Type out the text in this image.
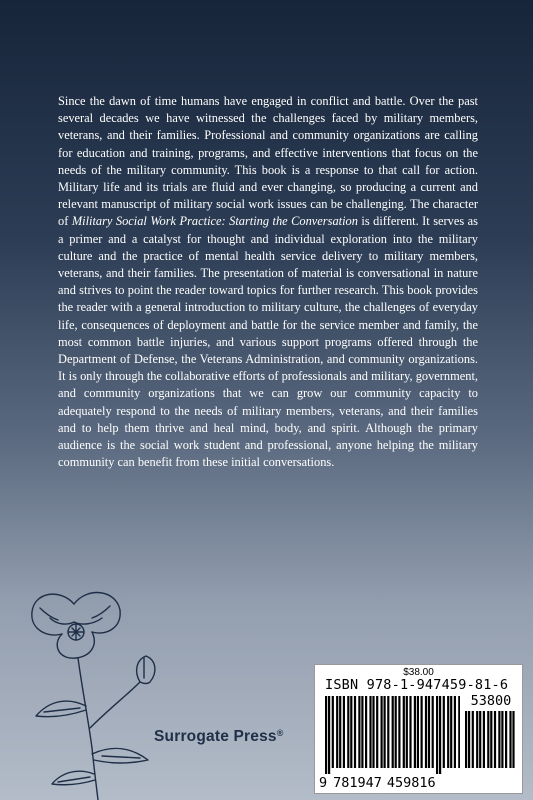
Since the dawn of time humans have engaged in conflict and battle. Over the past several decades we have witnessed the challenges faced by military members, veterans, and their families. Professional and community organizations are calling for education and training, programs, and effective interventions that focus on the needs of the military community. This book is a response to that call for action. Military life and its trials are fluid and ever changing, so producing a current and relevant manuscript of military social work issues can be challenging. The character of Military Social Work Practice: Starting the Conversation is different. It serves as a primer and a catalyst for thought and individual exploration into the military culture and the practice of mental health service delivery to military members, veterans, and their families. The presentation of material is conversational in nature and strives to point the reader toward topics for further research. This book provides the reader with a general introduction to military culture, the challenges of everyday life, consequences of deployment and battle for the service member and family, the most common battle injuries, and various support programs offered through the Department of Defense, the Veterans Administration, and community organizations. It is only through the collaborative efforts of professionals and military, government, and community organizations that we can grow our community capacity to adequately respond to the needs of military members, veterans, and their families and to help them thrive and heal mind, body, and spirit. Although the primary audience is the social work student and professional, anyone helping the military community can benefit from these initial conversations.

Surrogate Press®
$38.00
ISBN 978-1-947459-81-6
53800
9 781947 459816
